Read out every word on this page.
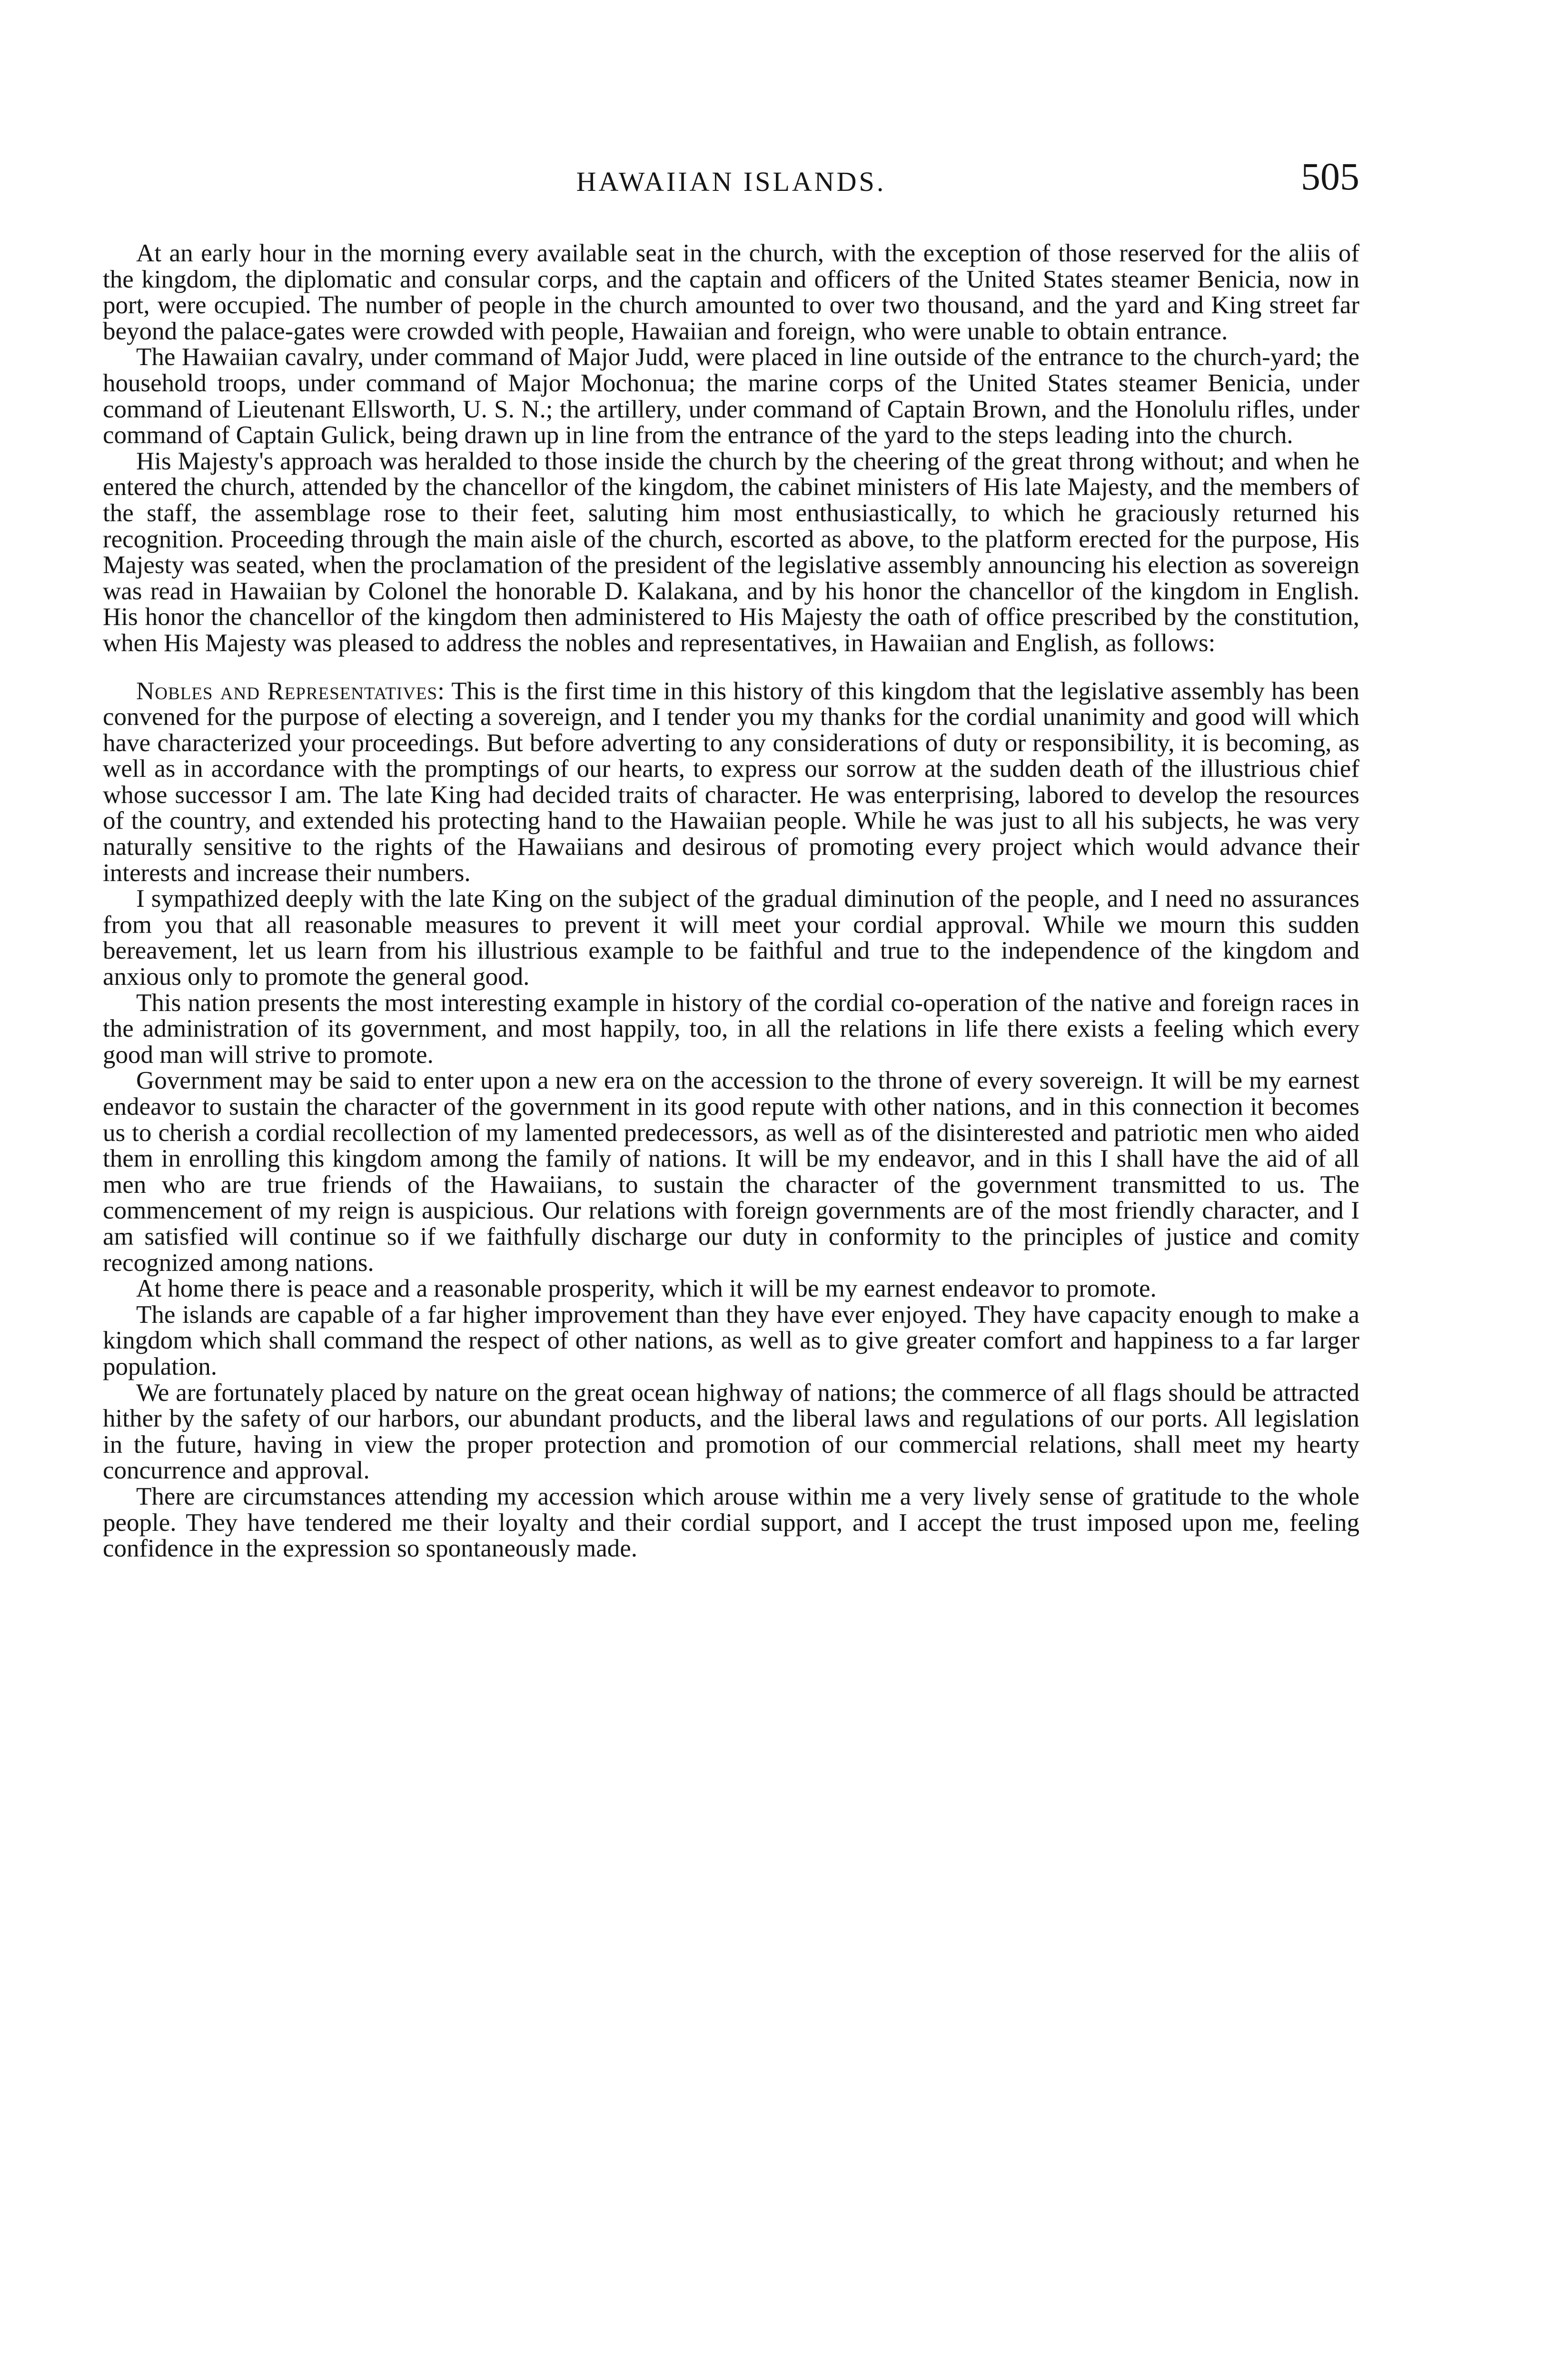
HAWAIIAN ISLANDS.	505

At an early hour in the morning every available seat in the church, with the exception of those reserved for the aliis of the kingdom, the diplomatic and consular corps, and the captain and officers of the United States steamer Benicia, now in port, were occupied. The number of people in the church amounted to over two thousand, and the yard and King street far beyond the palace-gates were crowded with people, Hawaiian and foreign, who were unable to obtain entrance.

The Hawaiian cavalry, under command of Major Judd, were placed in line outside of the entrance to the church-yard; the household troops, under command of Major Mochonua; the marine corps of the United States steamer Benicia, under command of Lieutenant Ellsworth, U. S. N.; the artillery, under command of Captain Brown, and the Honolulu rifles, under command of Captain Gulick, being drawn up in line from the entrance of the yard to the steps leading into the church.

His Majesty's approach was heralded to those inside the church by the cheering of the great throng without; and when he entered the church, attended by the chancellor of the kingdom, the cabinet ministers of His late Majesty, and the members of the staff, the assemblage rose to their feet, saluting him most enthusiastically, to which he graciously returned his recognition. Proceeding through the main aisle of the church, escorted as above, to the platform erected for the purpose, His Majesty was seated, when the proclamation of the president of the legislative assembly announcing his election as sovereign was read in Hawaiian by Colonel the honorable D. Kalakana, and by his honor the chancellor of the kingdom in English. His honor the chancellor of the kingdom then administered to His Majesty the oath of office prescribed by the constitution, when His Majesty was pleased to address the nobles and representatives, in Hawaiian and English, as follows:

Nobles and Representatives: This is the first time in this history of this kingdom that the legislative assembly has been convened for the purpose of electing a sovereign, and I tender you my thanks for the cordial unanimity and good will which have characterized your proceedings. But before adverting to any considerations of duty or responsibility, it is becoming, as well as in accordance with the promptings of our hearts, to express our sorrow at the sudden death of the illustrious chief whose successor I am. The late King had decided traits of character. He was enterprising, labored to develop the resources of the country, and extended his protecting hand to the Hawaiian people. While he was just to all his subjects, he was very naturally sensitive to the rights of the Hawaiians and desirous of promoting every project which would advance their interests and increase their numbers.

I sympathized deeply with the late King on the subject of the gradual diminution of the people, and I need no assurances from you that all reasonable measures to prevent it will meet your cordial approval. While we mourn this sudden bereavement, let us learn from his illustrious example to be faithful and true to the independence of the kingdom and anxious only to promote the general good.

This nation presents the most interesting example in history of the cordial co-operation of the native and foreign races in the administration of its government, and most happily, too, in all the relations in life there exists a feeling which every good man will strive to promote.

Government may be said to enter upon a new era on the accession to the throne of every sovereign. It will be my earnest endeavor to sustain the character of the government in its good repute with other nations, and in this connection it becomes us to cherish a cordial recollection of my lamented predecessors, as well as of the disinterested and patriotic men who aided them in enrolling this kingdom among the family of nations. It will be my endeavor, and in this I shall have the aid of all men who are true friends of the Hawaiians, to sustain the character of the government transmitted to us. The commencement of my reign is auspicious. Our relations with foreign governments are of the most friendly character, and I am satisfied will continue so if we faithfully discharge our duty in conformity to the principles of justice and comity recognized among nations.

At home there is peace and a reasonable prosperity, which it will be my earnest endeavor to promote.

The islands are capable of a far higher improvement than they have ever enjoyed. They have capacity enough to make a kingdom which shall command the respect of other nations, as well as to give greater comfort and happiness to a far larger population.

We are fortunately placed by nature on the great ocean highway of nations; the commerce of all flags should be attracted hither by the safety of our harbors, our abundant products, and the liberal laws and regulations of our ports. All legislation in the future, having in view the proper protection and promotion of our commercial relations, shall meet my hearty concurrence and approval.

There are circumstances attending my accession which arouse within me a very lively sense of gratitude to the whole people. They have tendered me their loyalty and their cordial support, and I accept the trust imposed upon me, feeling confidence in the expression so spontaneously made.
